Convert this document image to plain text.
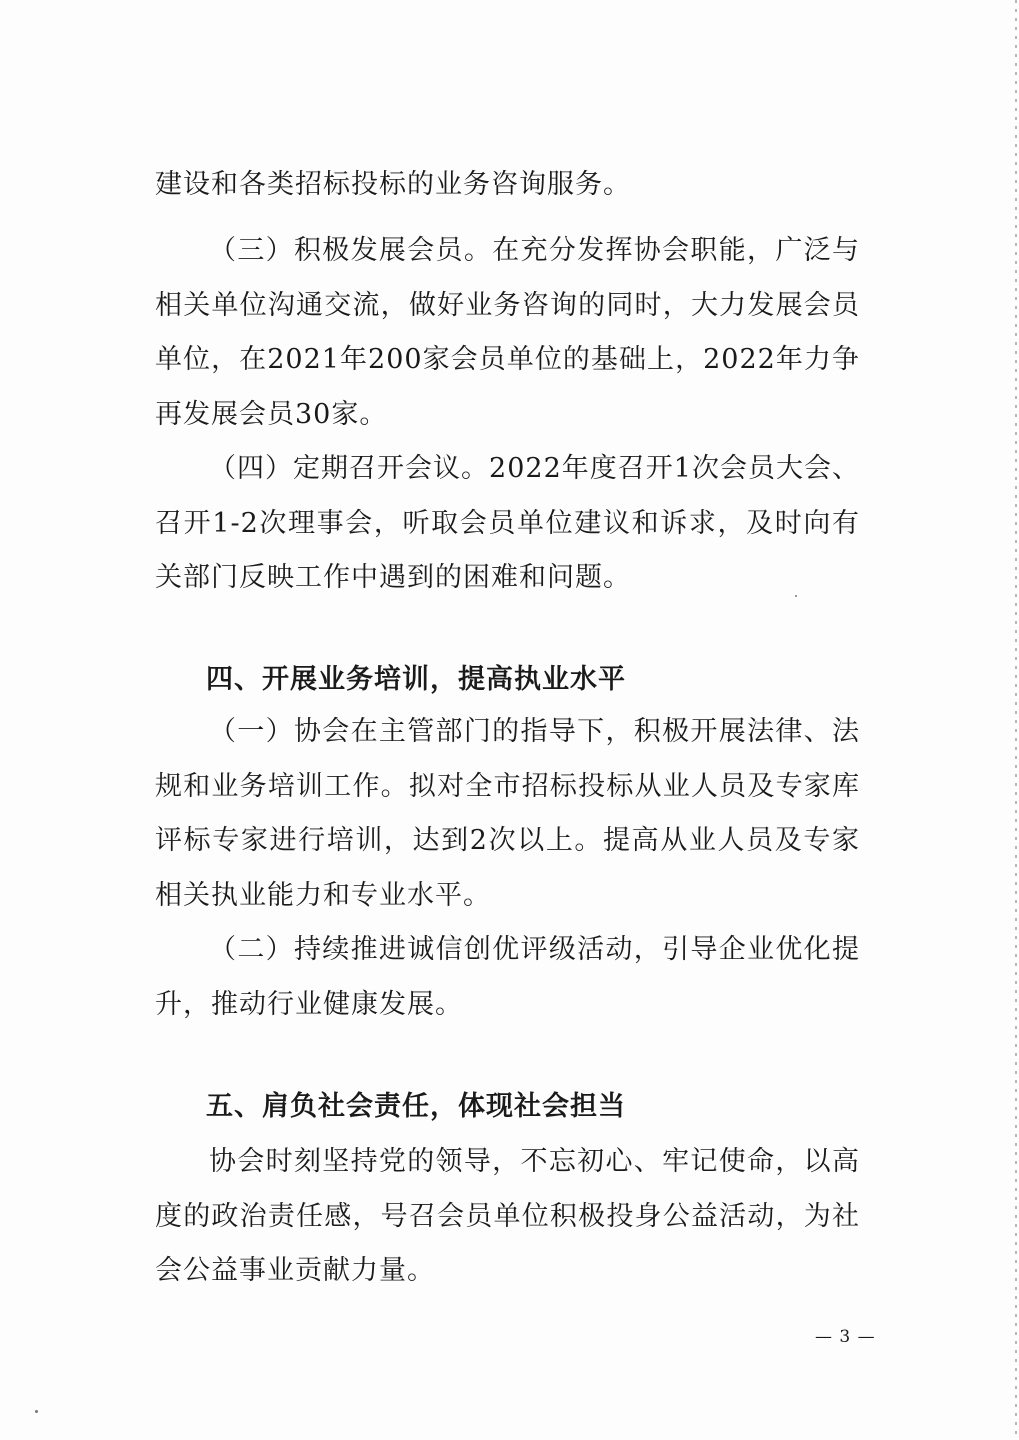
建设和各类招标投标的业务咨询服务。

（三）积极发展会员。在充分发挥协会职能，广泛与相关单位沟通交流，做好业务咨询的同时，大力发展会员单位，在2021年200家会员单位的基础上，2022年力争再发展会员30家。

（四）定期召开会议。2022年度召开1次会员大会、召开1-2次理事会，听取会员单位建议和诉求，及时向有关部门反映工作中遇到的困难和问题。

四、开展业务培训，提高执业水平

（一）协会在主管部门的指导下，积极开展法律、法规和业务培训工作。拟对全市招标投标从业人员及专家库评标专家进行培训，达到2次以上。提高从业人员及专家相关执业能力和专业水平。

（二）持续推进诚信创优评级活动，引导企业优化提升，推动行业健康发展。

五、肩负社会责任，体现社会担当

协会时刻坚持党的领导，不忘初心、牢记使命，以高度的政治责任感，号召会员单位积极投身公益活动，为社会公益事业贡献力量。

— 3 —
